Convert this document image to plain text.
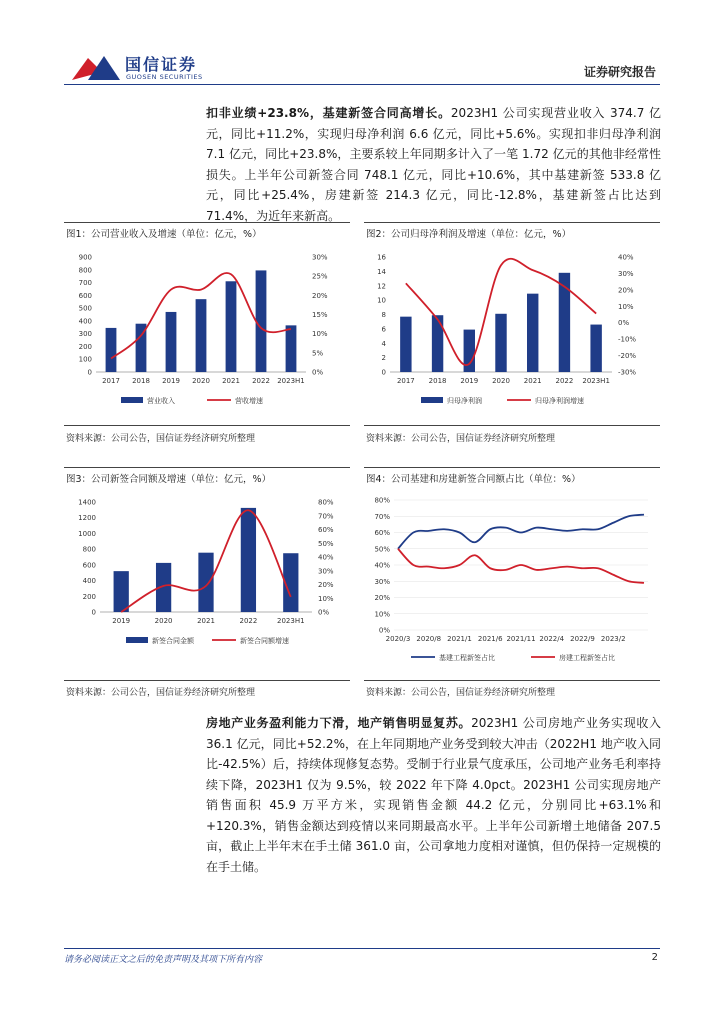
国信证券
GUOSEN SECURITIES	证券研究报告

扣非业绩+23.8%，基建新签合同高增长。2023H1 公司实现营业收入 374.7 亿元，同比+11.2%，实现归母净利润 6.6 亿元，同比+5.6%。实现扣非归母净利润 7.1 亿元，同比+23.8%，主要系较上年同期多计入了一笔 1.72 亿元的其他非经常性损失。上半年公司新签合同 748.1 亿元，同比+10.6%，其中基建新签 533.8 亿元，同比+25.4%，房建新签 214.3 亿元，同比-12.8%，基建新签占比达到 71.4%，为近年来新高。

图1：公司营业收入及增速（单位：亿元，%）	图2：公司归母净利润及增速（单位：亿元，%）
0
100
200
300
400
500
600
700
800
900
0%
5%
10%
15%
20%
25%
30%
2017 2018 2019 2020 2021 2022 2023H1
营业收入	营收增速
0
2
4
6
8
10
12
14
16
-30%
-20%
-10%
0%
10%
20%
30%
40%
2017 2018 2019 2020 2021 2022 2023H1
归母净利润	归母净利润增速
资料来源：公司公告，国信证券经济研究所整理	资料来源：公司公告，国信证券经济研究所整理
图3：公司新签合同额及增速（单位：亿元，%）	图4：公司基建和房建新签合同额占比（单位：%）
0
200
400
600
800
1000
1200
1400
0%
10%
20%
30%
40%
50%
60%
70%
80%
2019	2020	2021	2022	2023H1
新签合同金额	新签合同额增速
0%
10%
20%
30%
40%
50%
60%
70%
80%
2020/3 2020/8 2021/1 2021/6 2021/11 2022/4 2022/9 2023/2
基建工程新签占比	房建工程新签占比
资料来源：公司公告，国信证券经济研究所整理	资料来源：公司公告，国信证券经济研究所整理

房地产业务盈利能力下滑，地产销售明显复苏。2023H1 公司房地产业务实现收入 36.1 亿元，同比+52.2%，在上年同期地产业务受到较大冲击（2022H1 地产收入同比-42.5%）后，持续体现修复态势。受制于行业景气度承压，公司地产业务毛利率持续下降，2023H1 仅为 9.5%，较 2022 年下降 4.0pct。2023H1 公司实现房地产销售面积 45.9 万平方米，实现销售金额 44.2 亿元，分别同比+63.1%和+120.3%，销售金额达到疫情以来同期最高水平。上半年公司新增土地储备 207.5 亩，截止上半年末在手土储 361.0 亩，公司拿地力度相对谨慎，但仍保持一定规模的在手土储。

请务必阅读正文之后的免责声明及其项下所有内容	2
